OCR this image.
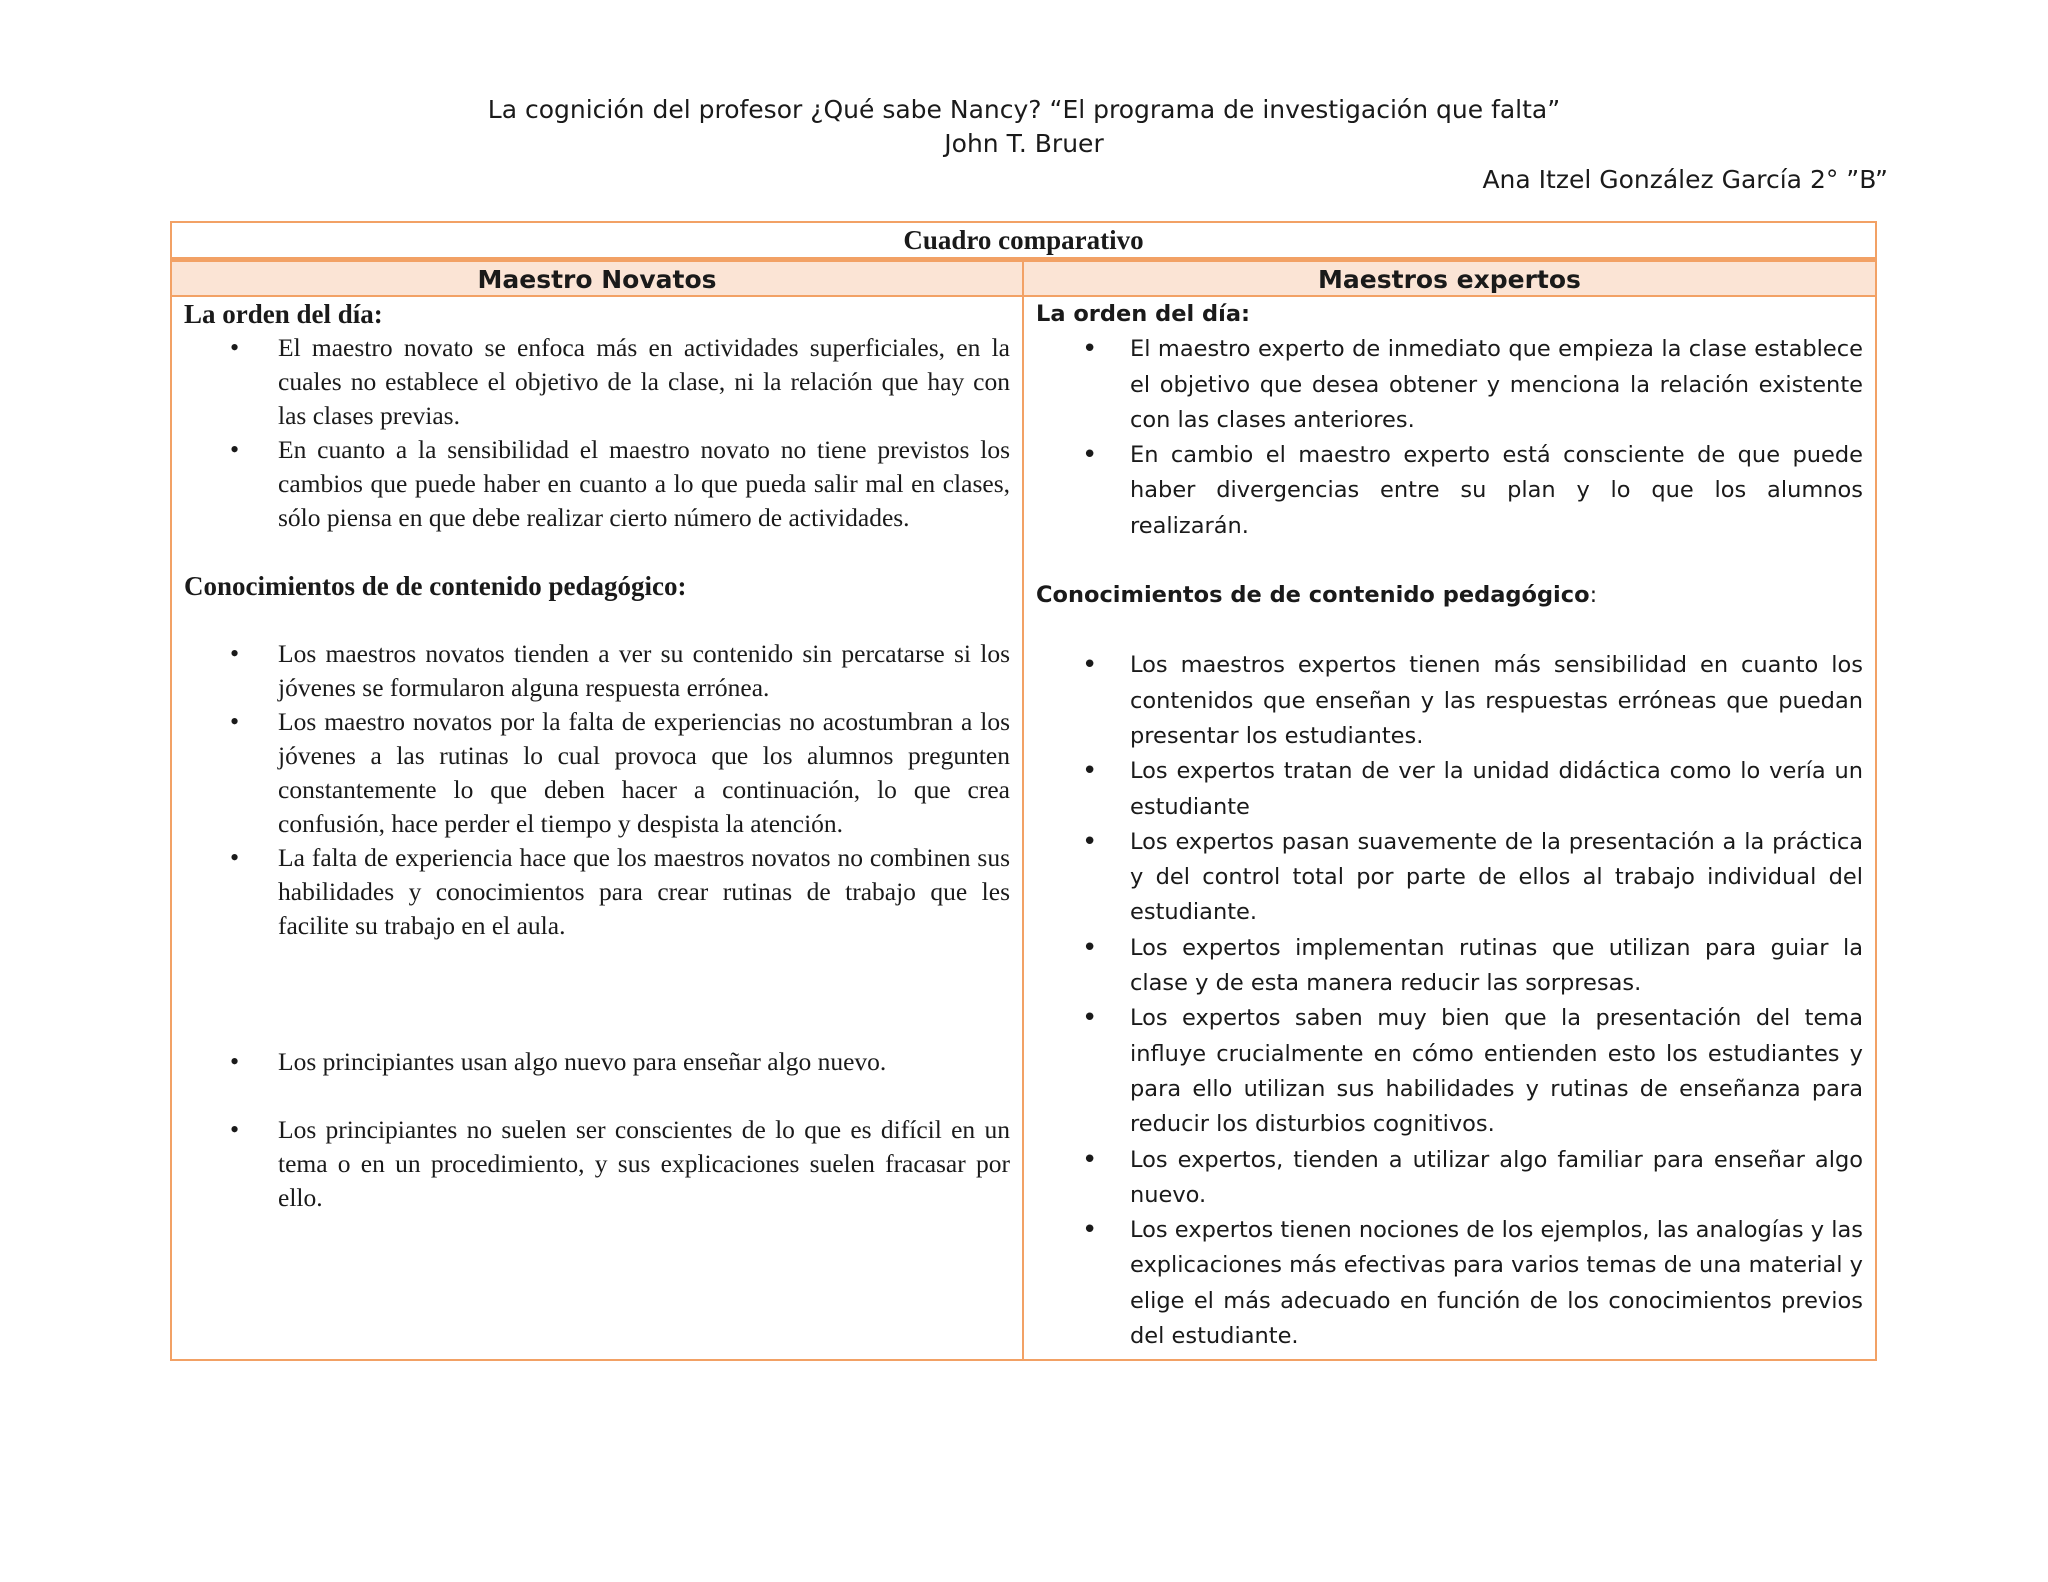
La cognición del profesor ¿Qué sabe Nancy? “El programa de investigación que falta”
John T. Bruer
Ana Itzel González García 2° ”B”
Cuadro comparativo
Maestro Novatos	Maestros expertos

La orden del día:

• El maestro novato se enfoca más en actividades superficiales, en la cuales no establece el objetivo de la clase, ni la relación que hay con las clases previas.
• En cuanto a la sensibilidad el maestro novato no tiene previstos los cambios que puede haber en cuanto a lo que pueda salir mal en clases, sólo piensa en que debe realizar cierto número de actividades.

Conocimientos de de contenido pedagógico:

• Los maestros novatos tienden a ver su contenido sin percatarse si los jóvenes se formularon alguna respuesta errónea.
• Los maestro novatos por la falta de experiencias no acostumbran a los jóvenes a las rutinas lo cual provoca que los alumnos pregunten constantemente lo que deben hacer a continuación, lo que crea confusión, hace perder el tiempo y despista la atención.
• La falta de experiencia hace que los maestros novatos no combinen sus habilidades y conocimientos para crear rutinas de trabajo que les facilite su trabajo en el aula.
• Los principiantes usan algo nuevo para enseñar algo nuevo.
• Los principiantes no suelen ser conscientes de lo que es difícil en un tema o en un procedimiento, y sus explicaciones suelen fracasar por ello.

La orden del día:

• El maestro experto de inmediato que empieza la clase establece el objetivo que desea obtener y menciona la relación existente con las clases anteriores.
• En cambio el maestro experto está consciente de que puede haber divergencias entre su plan y lo que los alumnos realizarán.

Conocimientos de de contenido pedagógico:

• Los maestros expertos tienen más sensibilidad en cuanto los contenidos que enseñan y las respuestas erróneas que puedan presentar los estudiantes.
• Los expertos tratan de ver la unidad didáctica como lo vería un estudiante
• Los expertos pasan suavemente de la presentación a la práctica y del control total por parte de ellos al trabajo individual del estudiante.
• Los expertos implementan rutinas que utilizan para guiar la clase y de esta manera reducir las sorpresas.
• Los expertos saben muy bien que la presentación del tema influye crucialmente en cómo entienden esto los estudiantes y para ello utilizan sus habilidades y rutinas de enseñanza para reducir los disturbios cognitivos.
• Los expertos, tienden a utilizar algo familiar para enseñar algo nuevo.
• Los expertos tienen nociones de los ejemplos, las analogías y las explicaciones más efectivas para varios temas de una material y elige el más adecuado en función de los conocimientos previos del estudiante.
